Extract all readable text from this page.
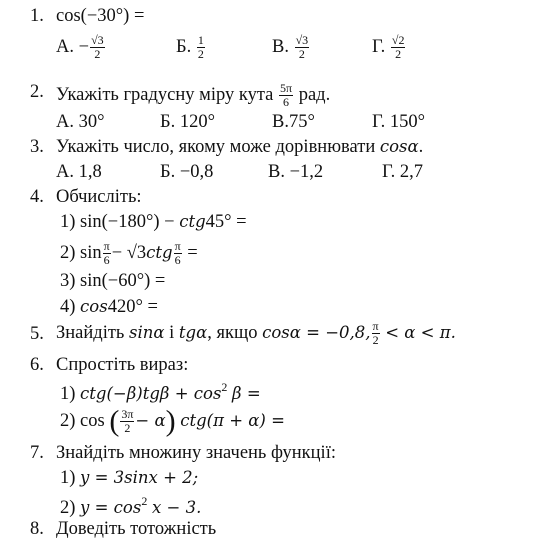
1. cos(−30°) =
А. − $\frac{√3}{2}$	Б. $\frac{1}{2}$	В. $\frac{√3}{2}$	Г. $\frac{√2}{2}$
2. Укажіть градусну міру кута $\frac{5\pi}{6}$ рад.
А. 30°	Б. 120°	В.75°	Г. 150°
3. Укажіть число, якому може дорівнювати cosα.
А. 1,8	Б. −0,8	В. −1,2	Г. 2,7
4. Обчисліть:
1) sin(−180°) − ctg45° =
2) $\sin \frac{\pi}{6} - √3ctg \frac{\pi}{6}$ =
3) sin(−60°) =
4) cos420° =
5. Знайдіть sinα і tgα, якщо cosα = −0,8, $\frac{\pi}{2} < \alpha < \pi$.
6. Спростіть вираз:
1) $ctg(-\beta)tg\beta + \cos^2 \beta$ =
2) cos ( $\frac{3\pi}{2} - \alpha$) ctg(π + α) =
7. Знайдіть множину значень функції:
1) y = 3sinx + 2;
2) $y = \cos^2 x - 3$.
8. Доведіть тотожність
